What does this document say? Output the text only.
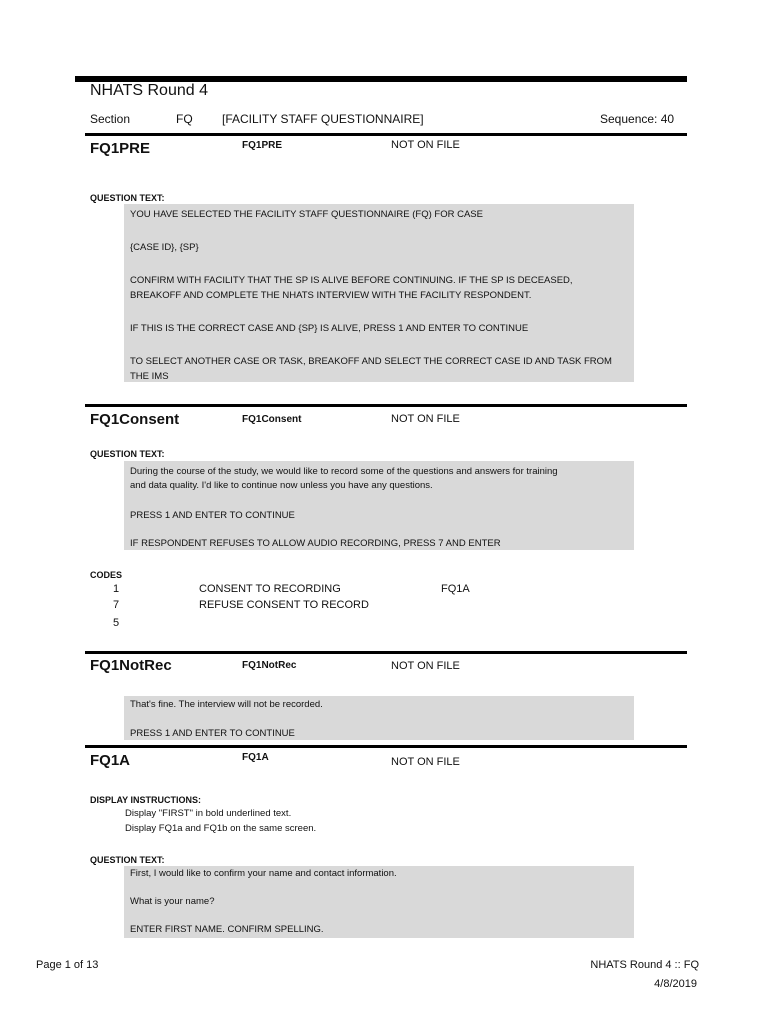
NHATS Round 4
Section	FQ [FACILITY STAFF QUESTIONNAIRE]	Sequence: 40
FQ1PRE	FQ1PRE	NOT ON FILE
QUESTION TEXT:
YOU HAVE SELECTED THE FACILITY STAFF QUESTIONNAIRE (FQ) FOR CASE
{CASE ID}, {SP}
CONFIRM WITH FACILITY THAT THE SP IS ALIVE BEFORE CONTINUING. IF THE SP IS DECEASED,
BREAKOFF AND COMPLETE THE NHATS INTERVIEW WITH THE FACILITY RESPONDENT.
IF THIS IS THE CORRECT CASE AND {SP} IS ALIVE, PRESS 1 AND ENTER TO CONTINUE
TO SELECT ANOTHER CASE OR TASK, BREAKOFF AND SELECT THE CORRECT CASE ID AND TASK FROM
THE IMS
FQ1Consent	FQ1Consent	NOT ON FILE
QUESTION TEXT:
During the course of the study, we would like to record some of the questions and answers for training
and data quality. I'd like to continue now unless you have any questions.
PRESS 1 AND ENTER TO CONTINUE
IF RESPONDENT REFUSES TO ALLOW AUDIO RECORDING, PRESS 7 AND ENTER
CODES
1	CONSENT TO RECORDING	FQ1A
7	REFUSE CONSENT TO RECORD
5
FQ1NotRec	FQ1NotRec	NOT ON FILE
That's fine. The interview will not be recorded.
PRESS 1 AND ENTER TO CONTINUE
FQ1A	FQ1A	NOT ON FILE
DISPLAY INSTRUCTIONS:
Display "FIRST" in bold underlined text.
Display FQ1a and FQ1b on the same screen.
QUESTION TEXT:
First, I would like to confirm your name and contact information.
What is your name?
ENTER FIRST NAME. CONFIRM SPELLING.
Page 1 of 13	NHATS Round 4 :: FQ
4/8/2019
